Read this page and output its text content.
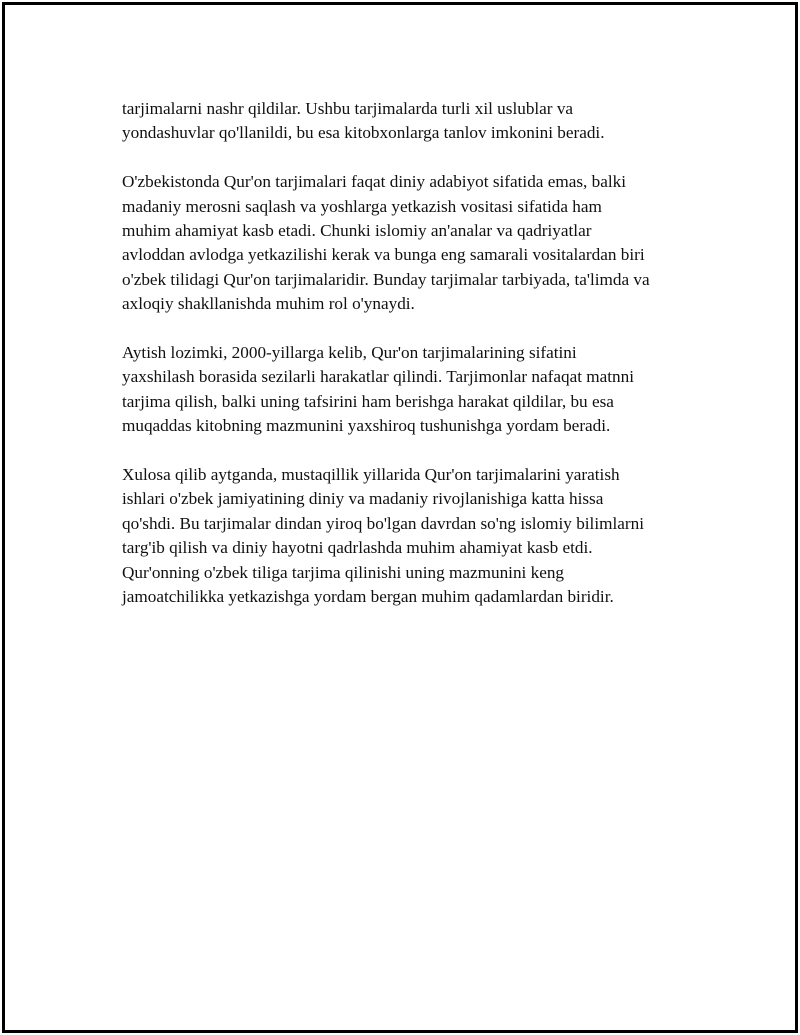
tarjimalarni nashr qildilar. Ushbu tarjimalarda turli xil uslublar va
yondashuvlar qo'llanildi, bu esa kitobxonlarga tanlov imkonini beradi.

O'zbekistonda Qur'on tarjimalari faqat diniy adabiyot sifatida emas, balki
madaniy merosni saqlash va yoshlarga yetkazish vositasi sifatida ham
muhim ahamiyat kasb etadi. Chunki islomiy an'analar va qadriyatlar
avloddan avlodga yetkazilishi kerak va bunga eng samarali vositalardan biri
o'zbek tilidagi Qur'on tarjimalaridir. Bunday tarjimalar tarbiyada, ta'limda va
axloqiy shakllanishda muhim rol o'ynaydi.

Aytish lozimki, 2000-yillarga kelib, Qur'on tarjimalarining sifatini
yaxshilash borasida sezilarli harakatlar qilindi. Tarjimonlar nafaqat matnni
tarjima qilish, balki uning tafsirini ham berishga harakat qildilar, bu esa
muqaddas kitobning mazmunini yaxshiroq tushunishga yordam beradi.

Xulosa qilib aytganda, mustaqillik yillarida Qur'on tarjimalarini yaratish
ishlari o'zbek jamiyatining diniy va madaniy rivojlanishiga katta hissa
qo'shdi. Bu tarjimalar dindan yiroq bo'lgan davrdan so'ng islomiy bilimlarni
targ'ib qilish va diniy hayotni qadrlashda muhim ahamiyat kasb etdi.
Qur'onning o'zbek tiliga tarjima qilinishi uning mazmunini keng
jamoatchilikka yetkazishga yordam bergan muhim qadamlardan biridir.
